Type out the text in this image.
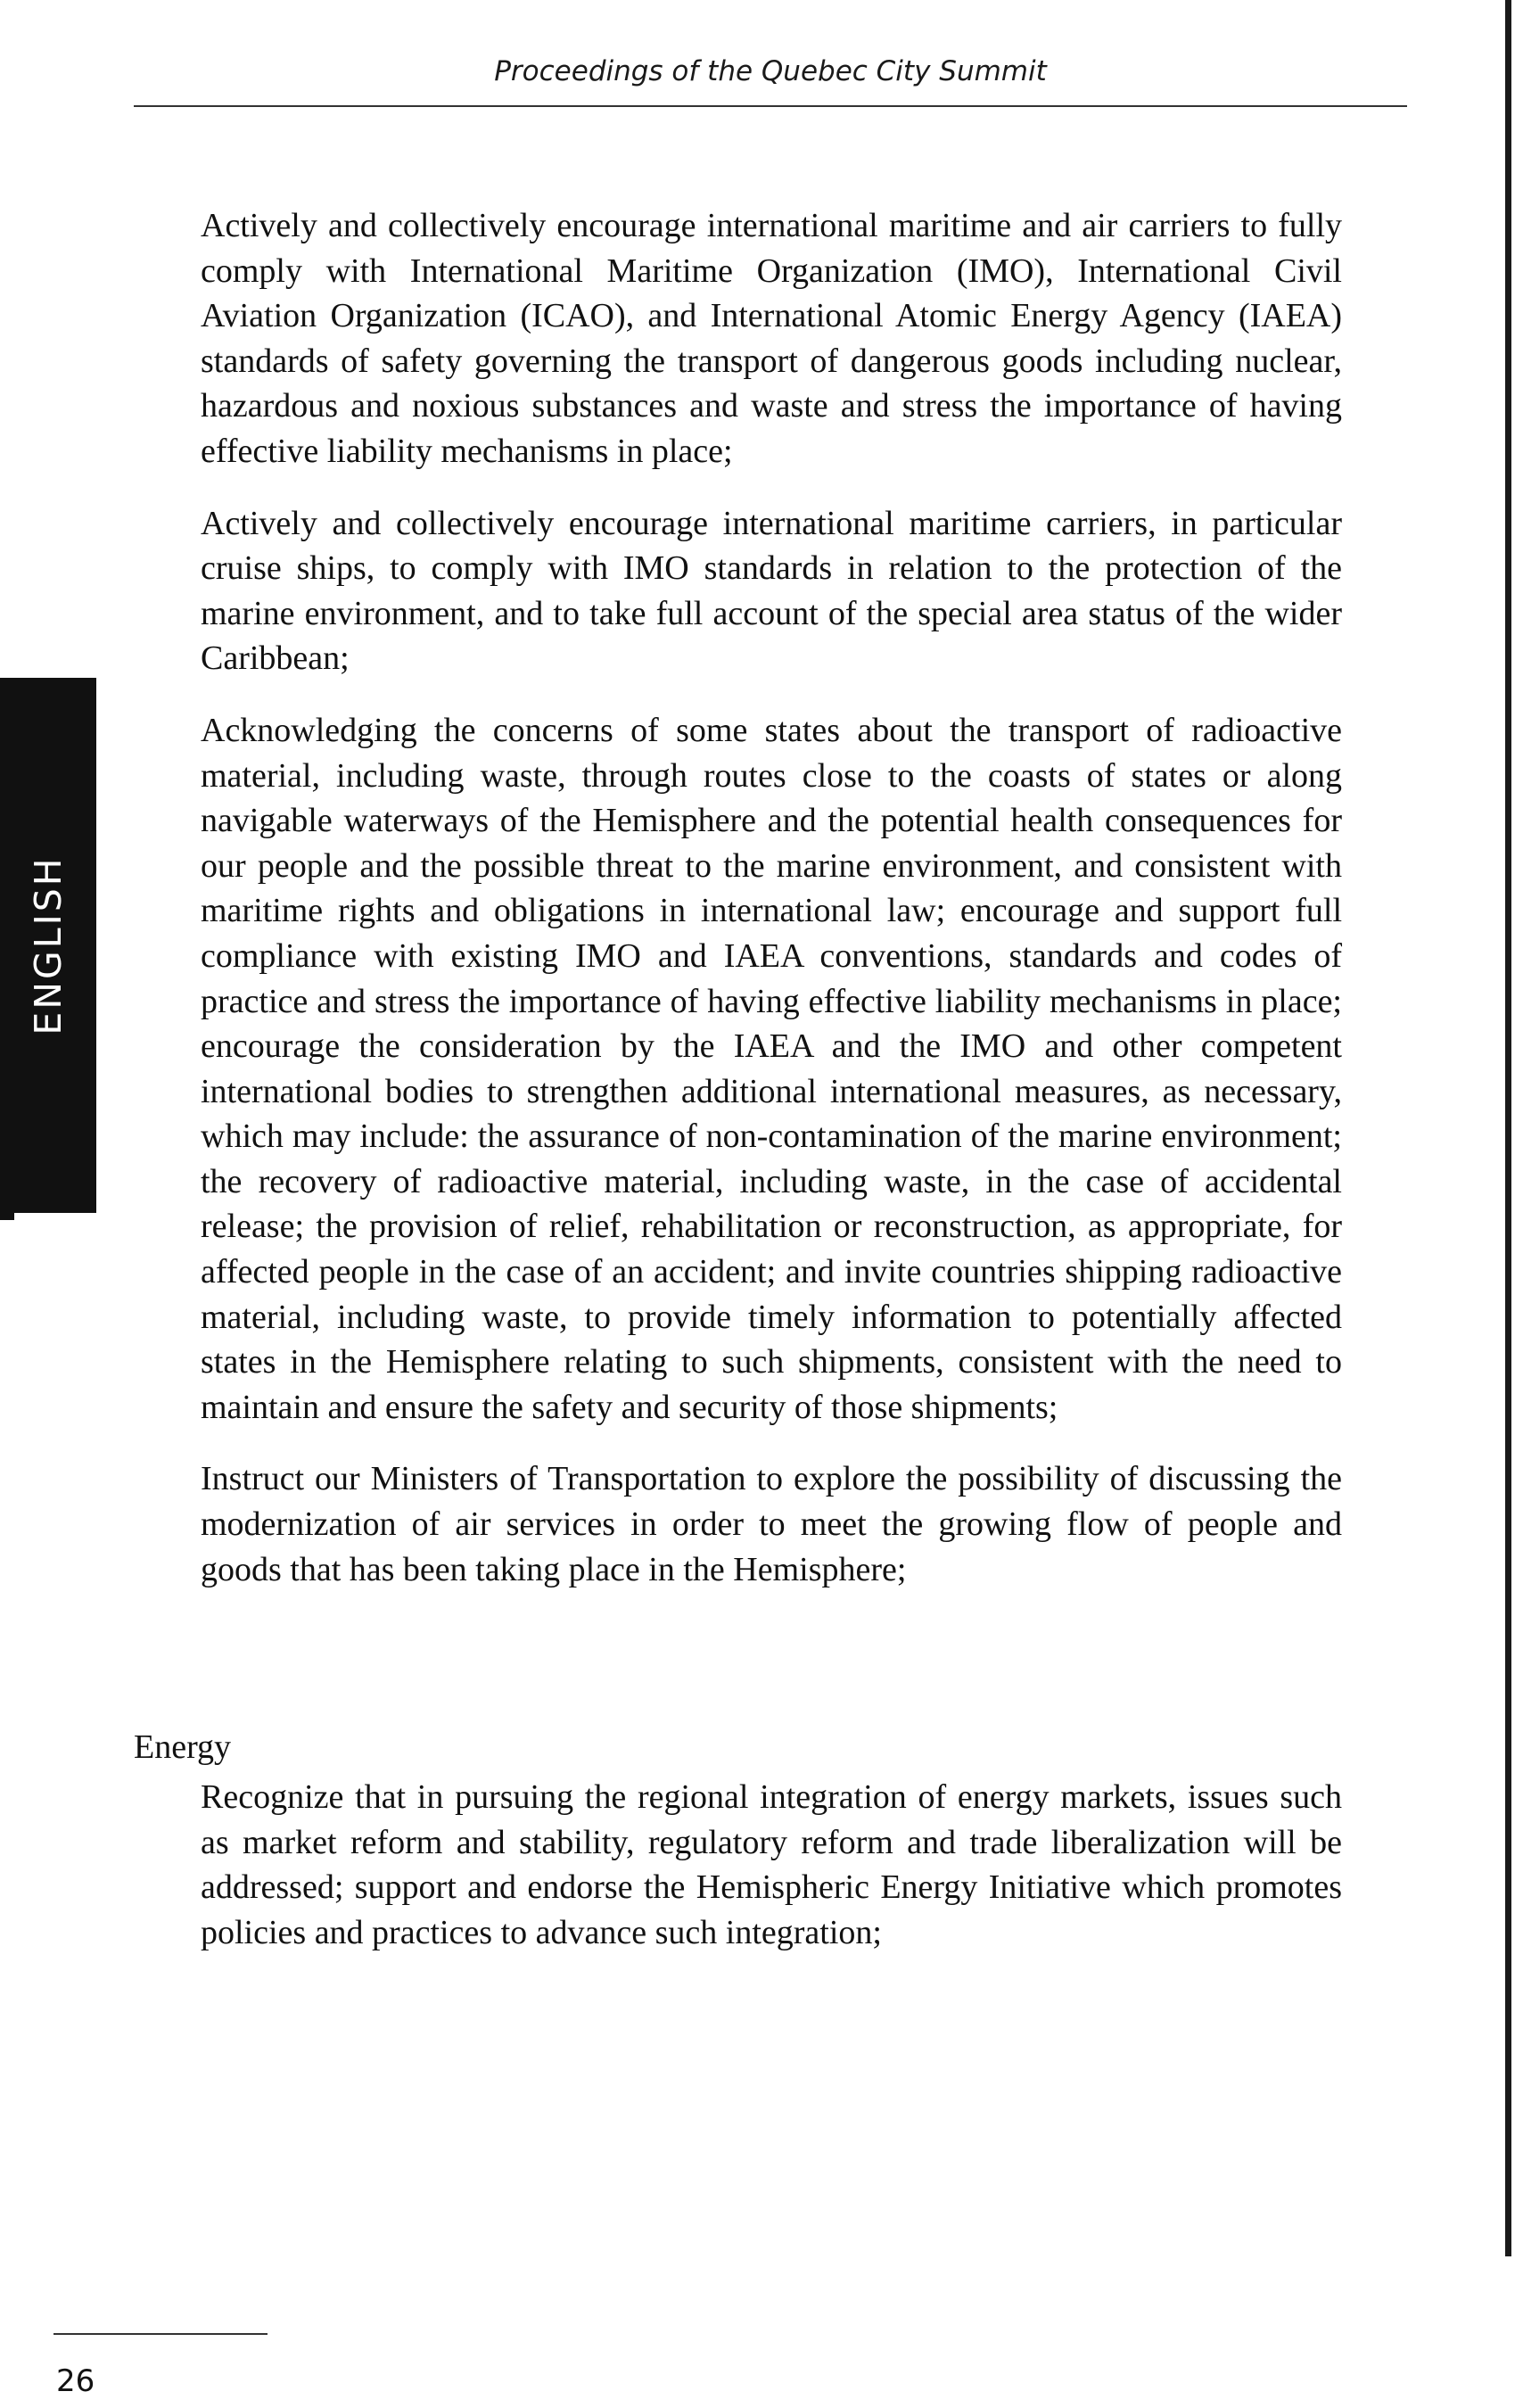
Proceedings of the Quebec City Summit
ENGLISH

Actively and collectively encourage international maritime and air carriers to fully comply with International Maritime Organization (IMO), International Civil Aviation Organization (ICAO), and International Atomic Energy Agency (IAEA) standards of safety governing the transport of dangerous goods including nuclear, hazardous and noxious substances and waste and stress the importance of having effective liability mechanisms in place;

Actively and collectively encourage international maritime carriers, in particular cruise ships, to comply with IMO standards in relation to the protection of the marine environment, and to take full account of the special area status of the wider Caribbean;

Acknowledging the concerns of some states about the transport of radioactive material, including waste, through routes close to the coasts of states or along navigable waterways of the Hemisphere and the potential health consequences for our people and the possible threat to the marine environment, and consistent with maritime rights and obligations in international law; encourage and support full compliance with existing IMO and IAEA conventions, standards and codes of practice and stress the importance of having effective liability mechanisms in place; encourage the consideration by the IAEA and the IMO and other competent international bodies to strengthen additional international measures, as necessary, which may include: the assurance of non-contamination of the marine environment; the recovery of radioactive material, including waste, in the case of accidental release; the provision of relief, rehabilitation or reconstruction, as appropriate, for affected people in the case of an accident; and invite countries shipping radioactive material, including waste, to provide timely information to potentially affected states in the Hemisphere relating to such shipments, consistent with the need to maintain and ensure the safety and security of those shipments;

Instruct our Ministers of Transportation to explore the possibility of discussing the modernization of air services in order to meet the growing flow of people and goods that has been taking place in the Hemisphere;

Energy

Recognize that in pursuing the regional integration of energy markets, issues such as market reform and stability, regulatory reform and trade liberalization will be addressed; support and endorse the Hemispheric Energy Initiative which promotes policies and practices to advance such integration;

26
